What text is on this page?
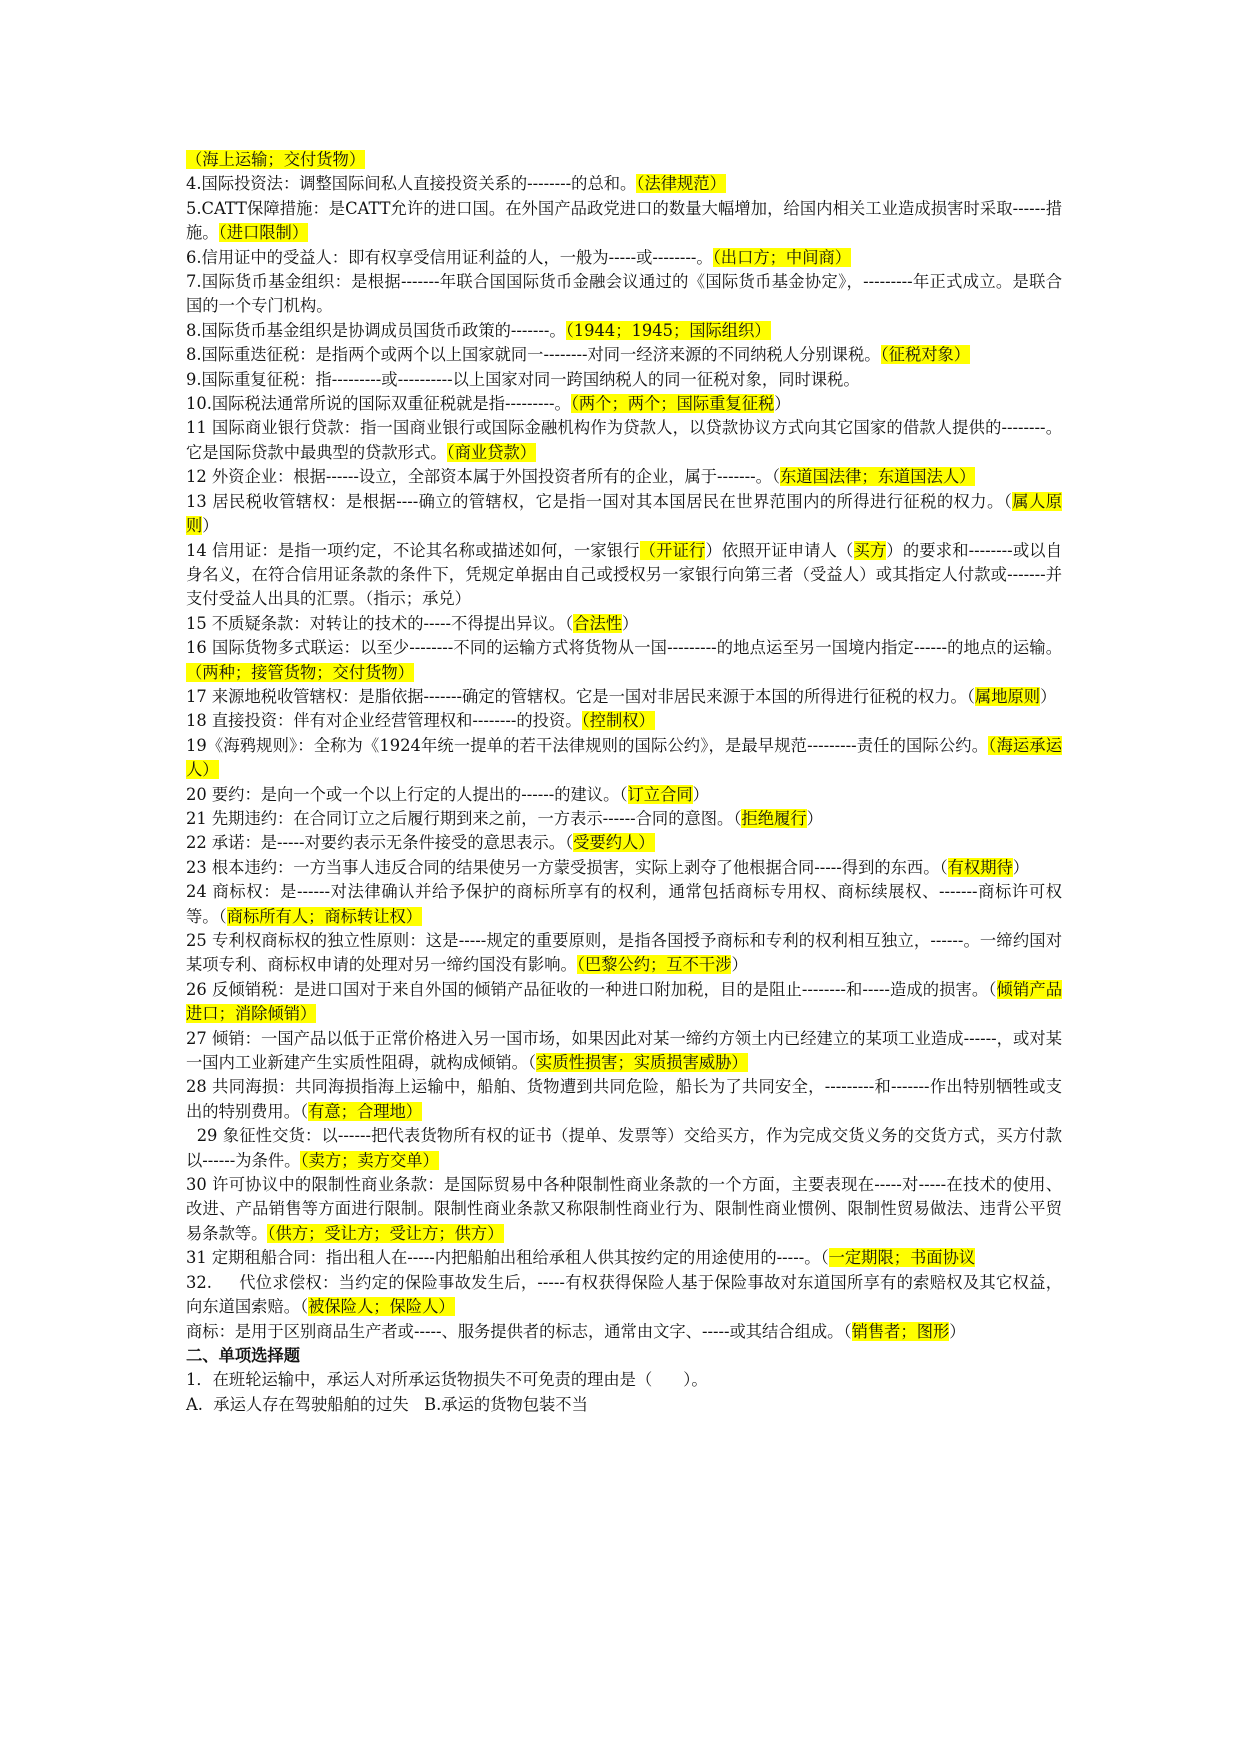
（海上运输；交付货物）

4.国际投资法：调整国际间私人直接投资关系的--------的总和。（法律规范）

5.CATT保障措施：是CATT允许的进口国。在外国产品政党进口的数量大幅增加，给国内相关工业造成损害时采取------措施。（进口限制）

6.信用证中的受益人：即有权享受信用证利益的人，一般为-----或--------。（出口方；中间商）

7.国际货币基金组织：是根据-------年联合国国际货币金融会议通过的《国际货币基金协定》，---------年正式成立。是联合国的一个专门机构。

8.国际货币基金组织是协调成员国货币政策的-------。（1944；1945；国际组织）

8.国际重迭征税：是指两个或两个以上国家就同一--------对同一经济来源的不同纳税人分别课税。（征税对象）

9.国际重复征税：指---------或----------以上国家对同一跨国纳税人的同一征税对象，同时课税。

10.国际税法通常所说的国际双重征税就是指---------。（两个；两个；国际重复征税）

11 国际商业银行贷款：指一国商业银行或国际金融机构作为贷款人，以贷款协议方式向其它国家的借款人提供的--------。它是国际贷款中最典型的贷款形式。（商业贷款）

12 外资企业：根据------设立，全部资本属于外国投资者所有的企业，属于-------。（东道国法律；东道国法人）

13 居民税收管辖权：是根据----确立的管辖权，它是指一国对其本国居民在世界范围内的所得进行征税的权力。（属人原则）

14 信用证：是指一项约定，不论其名称或描述如何，一家银行（开证行）依照开证申请人（买方）的要求和--------或以自身名义，在符合信用证条款的条件下，凭规定单据由自己或授权另一家银行向第三者（受益人）或其指定人付款或-------并支付受益人出具的汇票。（指示；承兑）

15 不质疑条款：对转让的技术的-----不得提出异议。（合法性）

16 国际货物多式联运：以至少--------不同的运输方式将货物从一国---------的地点运至另一国境内指定------的地点的运输。（两种；接管货物；交付货物）

17 来源地税收管辖权：是脂依据-------确定的管辖权。它是一国对非居民来源于本国的所得进行征税的权力。（属地原则）

18 直接投资：伴有对企业经营管理权和--------的投资。（控制权）

19《海鸦规则》：全称为《1924年统一提单的若干法律规则的国际公约》，是最早规范---------责任的国际公约。（海运承运人）

20 要约：是向一个或一个以上行定的人提出的------的建议。（订立合同）

21 先期违约：在合同订立之后履行期到来之前，一方表示------合同的意图。（拒绝履行）

22 承诺：是-----对要约表示无条件接受的意思表示。（受要约人）

23 根本违约：一方当事人违反合同的结果使另一方蒙受损害，实际上剥夺了他根据合同-----得到的东西。（有权期待）

24 商标权：是------对法律确认并给予保护的商标所享有的权利，通常包括商标专用权、商标续展权、-------商标许可权等。（商标所有人；商标转让权）

25 专利权商标权的独立性原则：这是-----规定的重要原则，是指各国授予商标和专利的权利相互独立，------。一缔约国对某项专利、商标权申请的处理对另一缔约国没有影响。（巴黎公约；互不干涉）

26 反倾销税：是进口国对于来自外国的倾销产品征收的一种进口附加税，目的是阻止--------和-----造成的损害。（倾销产品进口；消除倾销）

27 倾销：一国产品以低于正常价格进入另一国市场，如果因此对某一缔约方领土内已经建立的某项工业造成------，或对某一国内工业新建产生实质性阻碍，就构成倾销。（实质性损害；实质损害威胁）

28 共同海损：共同海损指海上运输中，船舶、货物遭到共同危险，船长为了共同安全，---------和-------作出特别牺牲或支出的特别费用。（有意；合理地）

29 象征性交货：以------把代表货物所有权的证书（提单、发票等）交给买方，作为完成交货义务的交货方式，买方付款以------为条件。（卖方；卖方交单）

30 许可协议中的限制性商业条款：是国际贸易中各种限制性商业条款的一个方面，主要表现在-----对-----在技术的使用、改进、产品销售等方面进行限制。限制性商业条款又称限制性商业行为、限制性商业惯例、限制性贸易做法、违背公平贸易条款等。（供方；受让方；受让方；供方）

31 定期租船合同：指出租人在-----内把船舶出租给承租人供其按约定的用途使用的-----。（一定期限；书面协议

32.     代位求偿权：当约定的保险事故发生后，-----有权获得保险人基于保险事故对东道国所享有的索赔权及其它权益，向东道国索赔。（被保险人；保险人）

商标：是用于区别商品生产者或-----、服务提供者的标志，通常由文字、-----或其结合组成。（销售者；图形）

二、单项选择题

1．在班轮运输中，承运人对所承运货物损失不可免责的理由是（      ）。

A.  承运人存在驾驶船舶的过失   B.承运的货物包装不当
